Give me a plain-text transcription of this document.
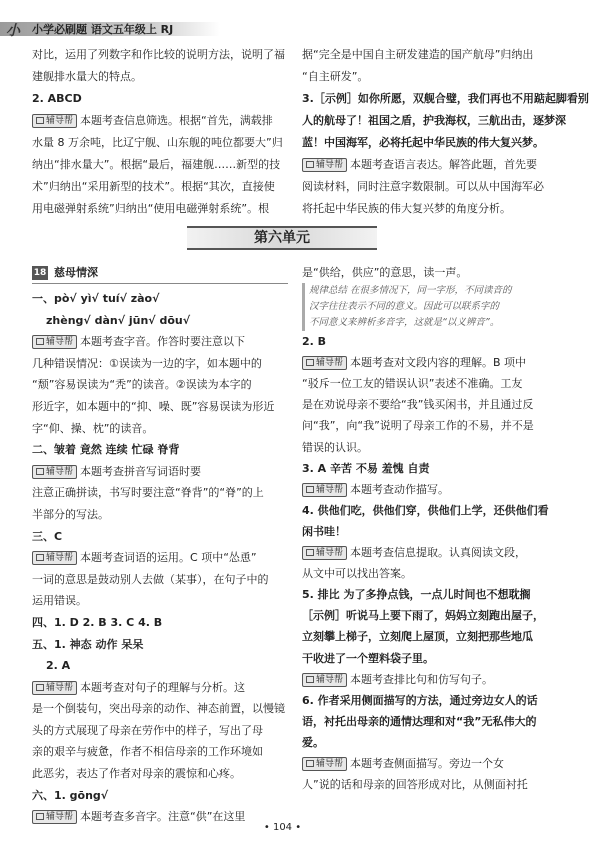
小	小学必刷题 语文五年级上 RJ
对比，运用了列数字和作比较的说明方法，说明了福
建舰排水量大的特点。
2. ABCD
辅导帮 本题考查信息筛选。根据“首先，满载排
水量 8 万余吨，比辽宁舰、山东舰的吨位都要大”归
纳出“排水量大”。根据“最后，福建舰……新型的技
术”归纳出“采用新型的技术”。根据“其次，直接使
用电磁弹射系统”归纳出“使用电磁弹射系统”。根
据“完全是中国自主研发建造的国产航母”归纳出
“自主研发”。
3.［示例］如你所愿，双舰合璧，我们再也不用踮起脚看别
人的航母了！祖国之盾，护我海权，三航出击，逐梦深
蓝！中国海军，必将托起中华民族的伟大复兴梦。
辅导帮 本题考查语言表达。解答此题，首先要
阅读材料，同时注意字数限制。可以从中国海军必
将托起中华民族的伟大复兴梦的角度分析。
第六单元
18 慈母情深
一、pò√ yì√ tuí√ zào√
zhèng√ dàn√ jūn√ dōu√
辅导帮 本题考查字音。作答时要注意以下
几种错误情况：①误读为一边的字，如本题中的
“颓”容易误读为“秃”的读音。②误读为本字的
形近字，如本题中的“抑、噪、既”容易误读为形近
字“仰、操、枕”的读音。
二、皱着 竟然 连续 忙碌 脊背
辅导帮 本题考查拼音写词语时要
注意正确拼读，书写时要注意“脊背”的“脊”的上
半部分的写法。
三、C
辅导帮 本题考查词语的运用。C 项中“怂恿”
一词的意思是鼓动别人去做（某事），在句子中的
运用错误。
四、1. D 2. B 3. C 4. B
五、1. 神态 动作 呆呆
2. A
辅导帮 本题考查对句子的理解与分析。这
是一个倒装句，突出母亲的动作、神态前置，以慢镜
头的方式展现了母亲在劳作中的样子，写出了母
亲的艰辛与疲惫，作者不相信母亲的工作环境如
此恶劣，表达了作者对母亲的震惊和心疼。
六、1. gōng√
辅导帮 本题考查多音字。注意“供”在这里
是“供给，供应”的意思，读一声。
规律总结 在很多情况下，同一字形，不同读音的
汉字往往表示不同的意义。因此可以联系字的
不同意义来辨析多音字，这就是“以义辨音”。
2. B
辅导帮 本题考查对文段内容的理解。B 项中
“驳斥一位工友的错误认识”表述不准确。工友
是在劝说母亲不要给“我”钱买闲书，并且通过反
问“我”，向“我”说明了母亲工作的不易，并不是
错误的认识。
3. A 辛苦 不易 羞愧 自责
辅导帮 本题考查动作描写。
4. 供他们吃，供他们穿，供他们上学，还供他们看
闲书哇！
辅导帮 本题考查信息提取。认真阅读文段，
从文中可以找出答案。
5. 排比 为了多挣点钱，一点儿时间也不想耽搁
［示例］听说马上要下雨了，妈妈立刻跑出屋子，
立刻攀上梯子，立刻爬上屋顶，立刻把那些地瓜
干收进了一个塑料袋子里。
辅导帮 本题考查排比句和仿写句子。
6. 作者采用侧面描写的方法，通过旁边女人的话
语，衬托出母亲的通情达理和对“我”无私伟大的
爱。
辅导帮 本题考查侧面描写。旁边一个女
人”说的话和母亲的回答形成对比，从侧面衬托
• 104 •
